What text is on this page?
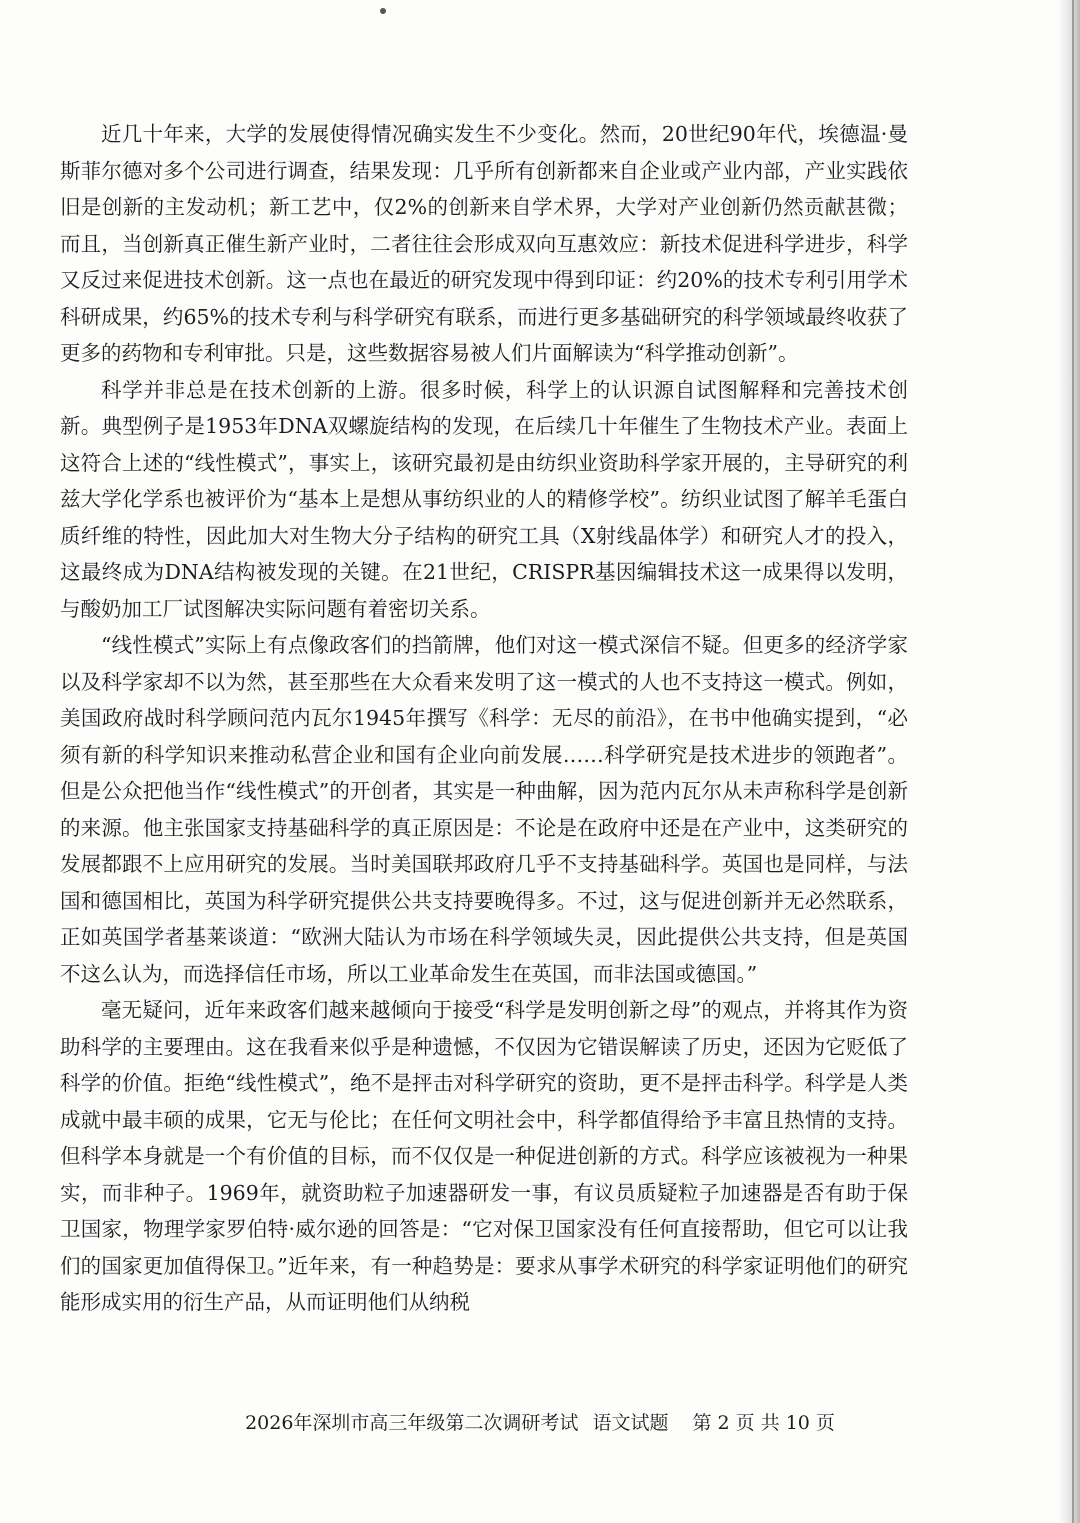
近几十年来，大学的发展使得情况确实发生不少变化。然而，20世纪90年代，埃德温·曼斯菲尔德对多个公司进行调查，结果发现：几乎所有创新都来自企业或产业内部，产业实践依旧是创新的主发动机；新工艺中，仅2%的创新来自学术界，大学对产业创新仍然贡献甚微；而且，当创新真正催生新产业时，二者往往会形成双向互惠效应：新技术促进科学进步，科学又反过来促进技术创新。这一点也在最近的研究发现中得到印证：约20%的技术专利引用学术科研成果，约65%的技术专利与科学研究有联系，而进行更多基础研究的科学领域最终收获了更多的药物和专利审批。只是，这些数据容易被人们片面解读为“科学推动创新”。

科学并非总是在技术创新的上游。很多时候，科学上的认识源自试图解释和完善技术创新。典型例子是1953年DNA双螺旋结构的发现，在后续几十年催生了生物技术产业。表面上这符合上述的“线性模式”，事实上，该研究最初是由纺织业资助科学家开展的，主导研究的利兹大学化学系也被评价为“基本上是想从事纺织业的人的精修学校”。纺织业试图了解羊毛蛋白质纤维的特性，因此加大对生物大分子结构的研究工具（X射线晶体学）和研究人才的投入，这最终成为DNA结构被发现的关键。在21世纪，CRISPR基因编辑技术这一成果得以发明，与酸奶加工厂试图解决实际问题有着密切关系。

“线性模式”实际上有点像政客们的挡箭牌，他们对这一模式深信不疑。但更多的经济学家以及科学家却不以为然，甚至那些在大众看来发明了这一模式的人也不支持这一模式。例如，美国政府战时科学顾问范内瓦尔1945年撰写《科学：无尽的前沿》，在书中他确实提到，“必须有新的科学知识来推动私营企业和国有企业向前发展……科学研究是技术进步的领跑者”。但是公众把他当作“线性模式”的开创者，其实是一种曲解，因为范内瓦尔从未声称科学是创新的来源。他主张国家支持基础科学的真正原因是：不论是在政府中还是在产业中，这类研究的发展都跟不上应用研究的发展。当时美国联邦政府几乎不支持基础科学。英国也是同样，与法国和德国相比，英国为科学研究提供公共支持要晚得多。不过，这与促进创新并无必然联系，正如英国学者基莱谈道：“欧洲大陆认为市场在科学领域失灵，因此提供公共支持，但是英国不这么认为，而选择信任市场，所以工业革命发生在英国，而非法国或德国。”

毫无疑问，近年来政客们越来越倾向于接受“科学是发明创新之母”的观点，并将其作为资助科学的主要理由。这在我看来似乎是种遗憾，不仅因为它错误解读了历史，还因为它贬低了科学的价值。拒绝“线性模式”，绝不是抨击对科学研究的资助，更不是抨击科学。科学是人类成就中最丰硕的成果，它无与伦比；在任何文明社会中，科学都值得给予丰富且热情的支持。但科学本身就是一个有价值的目标，而不仅仅是一种促进创新的方式。科学应该被视为一种果实，而非种子。1969年，就资助粒子加速器研发一事，有议员质疑粒子加速器是否有助于保卫国家，物理学家罗伯特·威尔逊的回答是：“它对保卫国家没有任何直接帮助，但它可以让我们的国家更加值得保卫。”近年来，有一种趋势是：要求从事学术研究的科学家证明他们的研究能形成实用的衍生产品，从而证明他们从纳税

2026年深圳市高三年级第二次调研考试 语文试题 第 2 页 共 10 页
